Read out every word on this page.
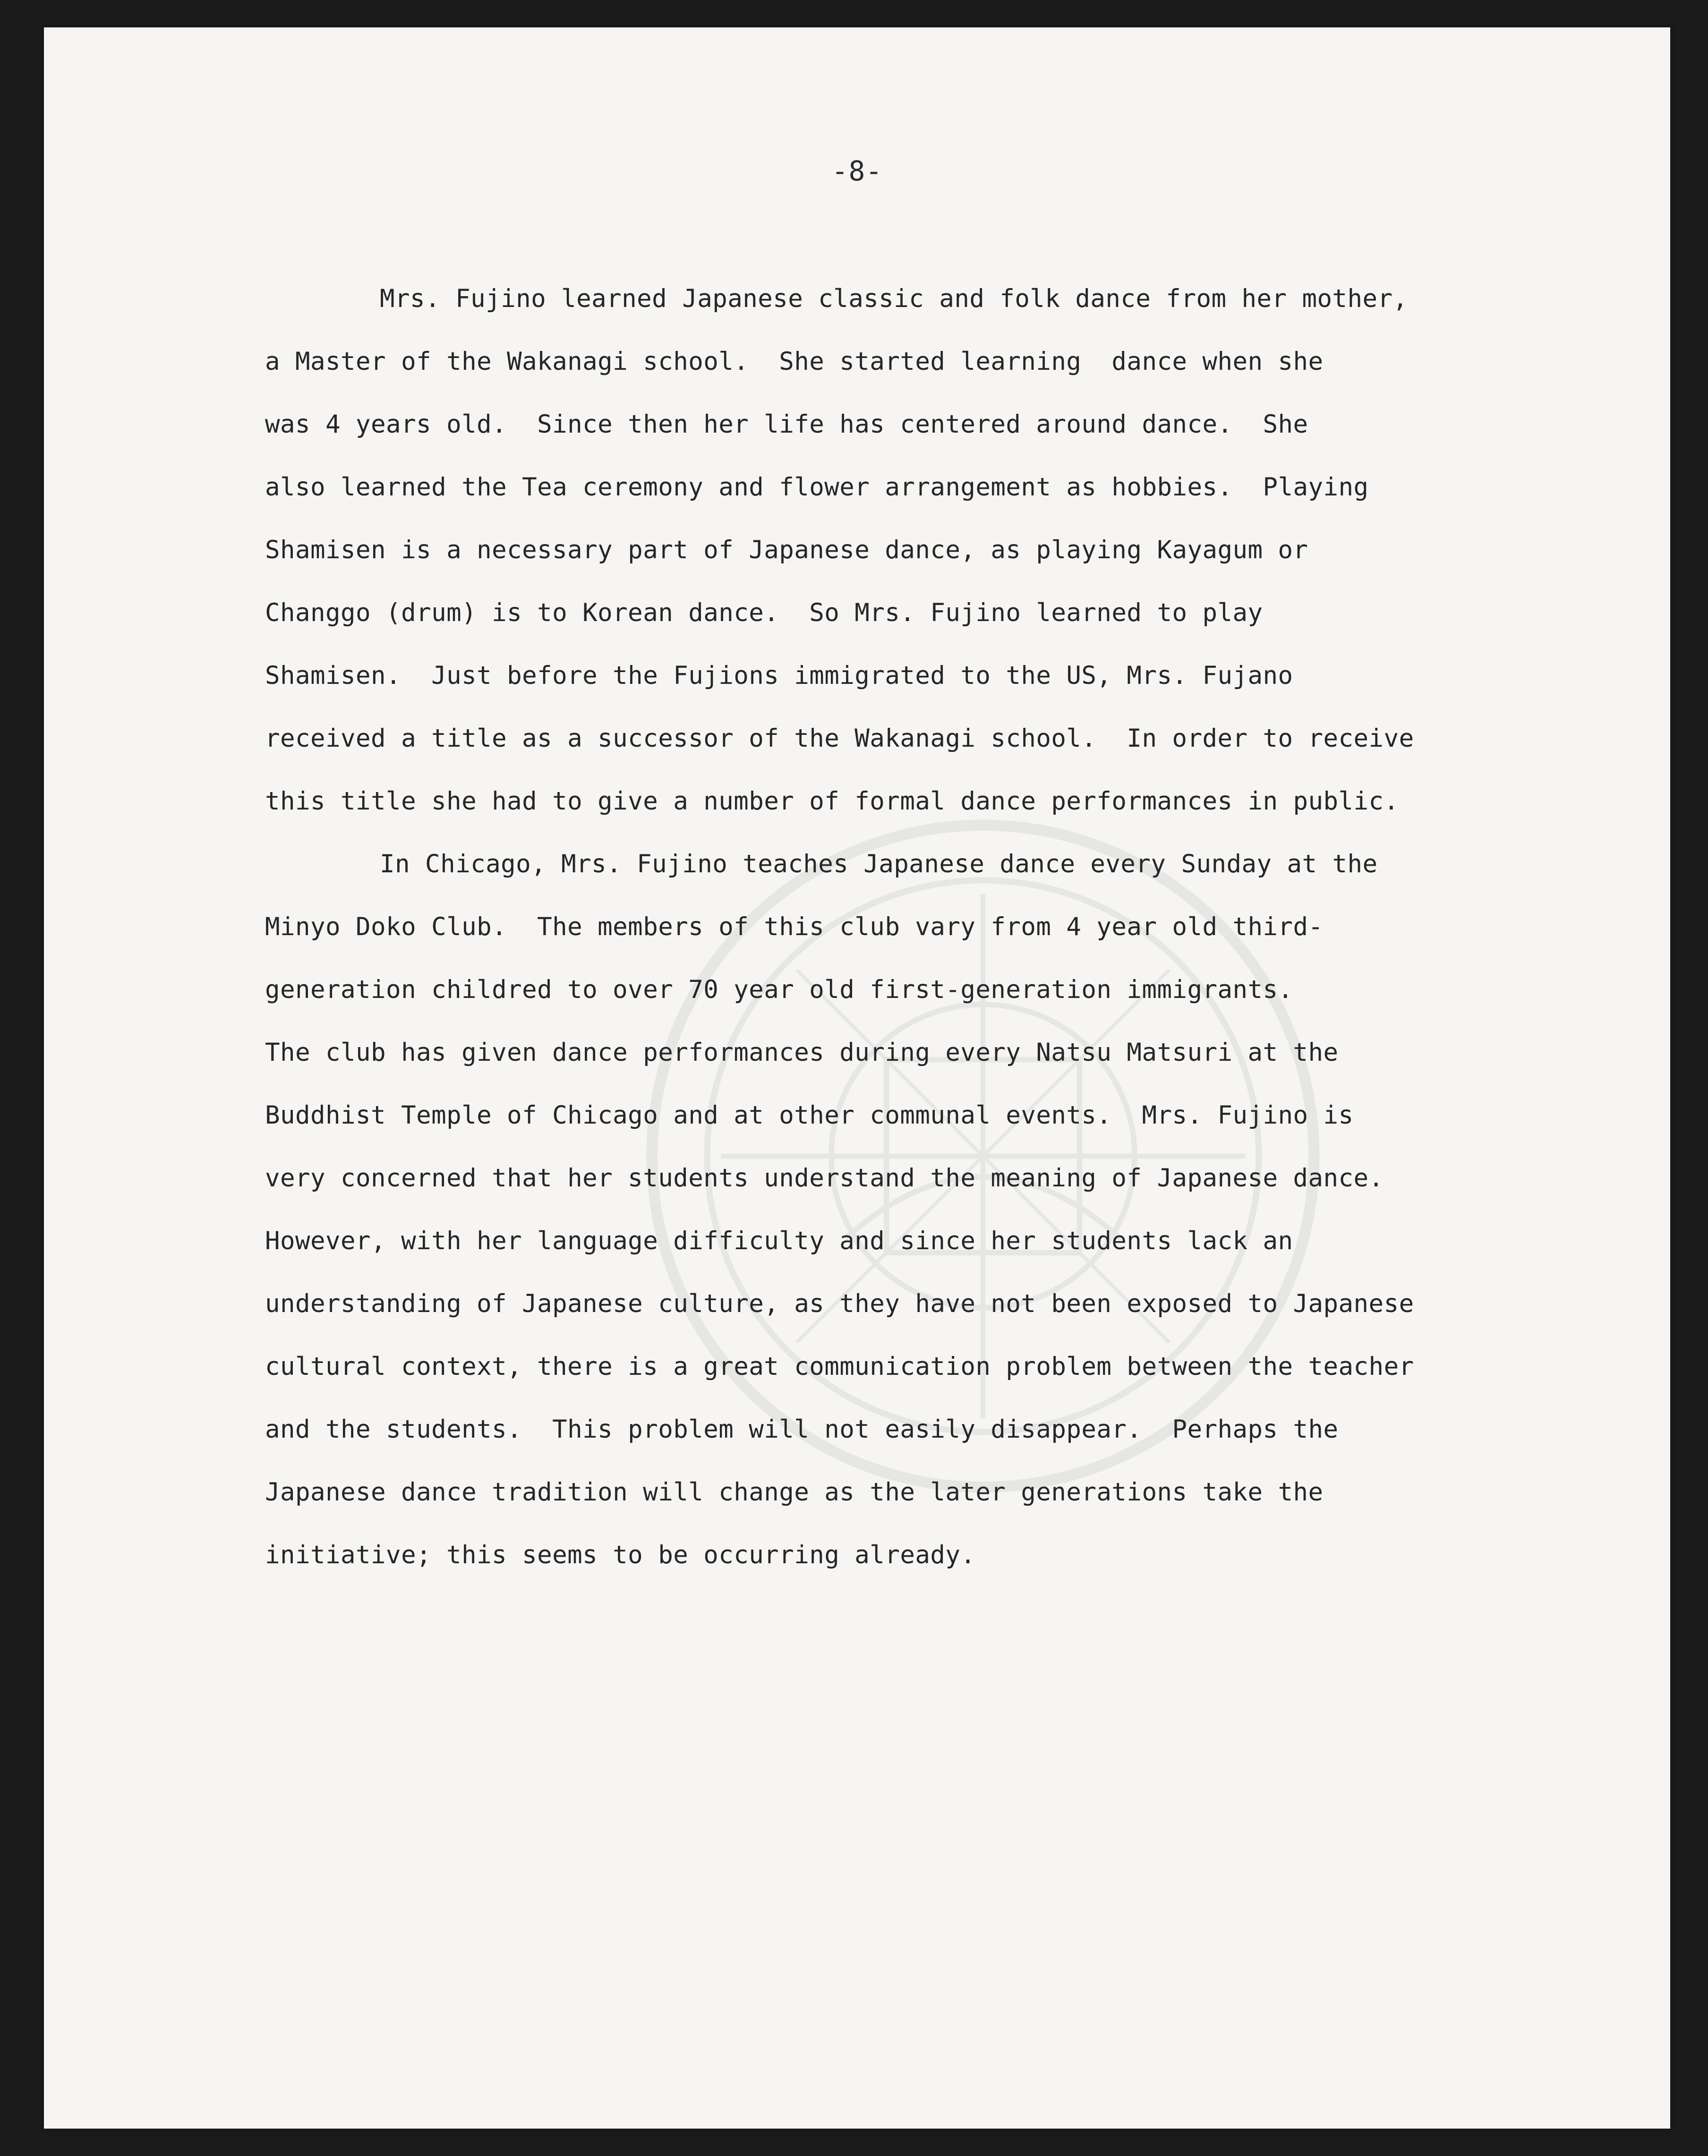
-8-
Mrs. Fujino learned Japanese classic and folk dance from her mother,
a Master of the Wakanagi school.  She started learning  dance when she
was 4 years old.  Since then her life has centered around dance.  She
also learned the Tea ceremony and flower arrangement as hobbies.  Playing
Shamisen is a necessary part of Japanese dance, as playing Kayagum or
Changgo (drum) is to Korean dance.  So Mrs. Fujino learned to play
Shamisen.  Just before the Fujions immigrated to the US, Mrs. Fujano
received a title as a successor of the Wakanagi school.  In order to receive
this title she had to give a number of formal dance performances in public.
In Chicago, Mrs. Fujino teaches Japanese dance every Sunday at the
Minyo Doko Club.  The members of this club vary from 4 year old third-
generation childred to over 70 year old first-generation immigrants.
The club has given dance performances during every Natsu Matsuri at the
Buddhist Temple of Chicago and at other communal events.  Mrs. Fujino is
very concerned that her students understand the meaning of Japanese dance.
However, with her language difficulty and since her students lack an
understanding of Japanese culture, as they have not been exposed to Japanese
cultural context, there is a great communication problem between the teacher
and the students.  This problem will not easily disappear.  Perhaps the
Japanese dance tradition will change as the later generations take the
initiative; this seems to be occurring already.
